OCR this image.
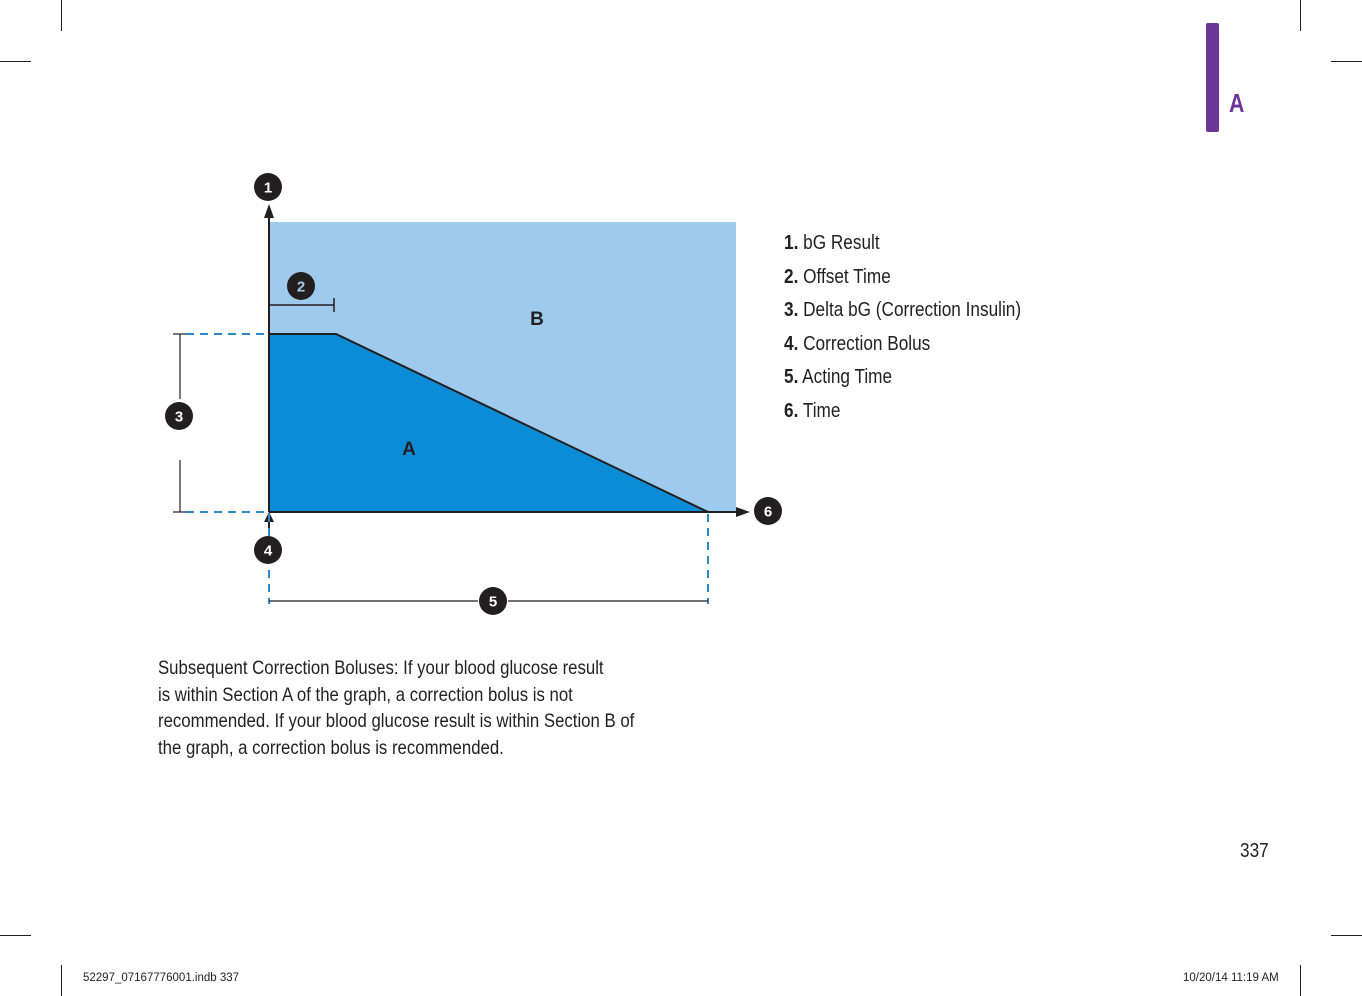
A
B
A
1
2
3
4
5
6
1. bG Result
2. Offset Time
3. Delta bG (Correction Insulin)
4. Correction Bolus
5. Acting Time
6. Time

Subsequent Correction Boluses: If your blood glucose result
is within Section A of the graph, a correction bolus is not
recommended. If your blood glucose result is within Section B of
the graph, a correction bolus is recommended.

337
52297_07167776001.indb 337	10/20/14 11:19 AM
